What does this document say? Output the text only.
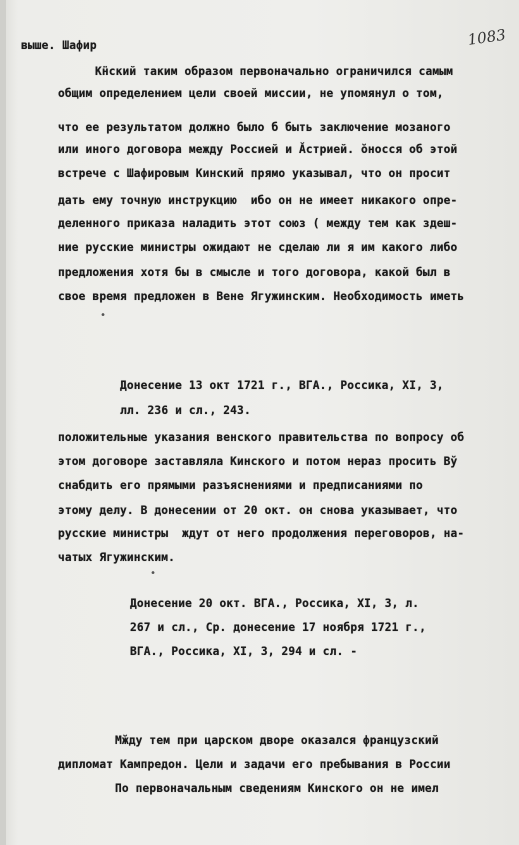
1083
выше. Шафир
К̈нский таким образом первоначально ограничился самым
общим определением цели своей миссии, не упомянул о том,
что ее результатом должно было б быть заключение мозаного
или иного договора между Россией и Ӑстрией. ̆оносся об этой
встрече с Шафировым Кинский прямо указывал, что он просит
дать ему точную инструкцию  ибо он не имеет никакого опре-
деленного приказа наладить этот союз ( между тем как здеш-
ние русские министры ожидают не сделаю ли я им какого либо
предложения хотя бы в смысле и того договора, какой был в
свое время предложен в Вене Ягужинским. Необходимость иметь
•
Донесение 13 окт 1721 г., ВГА., Россика, XI, 3,
лл. 236 и сл., 243.
положительные указания венского правительства по вопросу об
этом договоре заставляла Кинского и потом нераз просить В̆у
снабдить его прямыми разъяснениями и предписаниями по
этому делу. В донесении от 20 окт. он снова указывает, что
русские министры  ждут от него продолжения переговоров, на-
чатых Ягужинским.
•
Донесение 20 окт. ВГА., Россика, XI, 3, л.
267 и сл., Ср. донесение 17 ноября 1721 г.,
ВГА., Россика, XI, 3, 294 и сл. -
М̆жду тем при царском дворе оказался французский
дипломат Кампредон. Цели и задачи его пребывания в России
По первоначальным сведениям Кинского он не имел
